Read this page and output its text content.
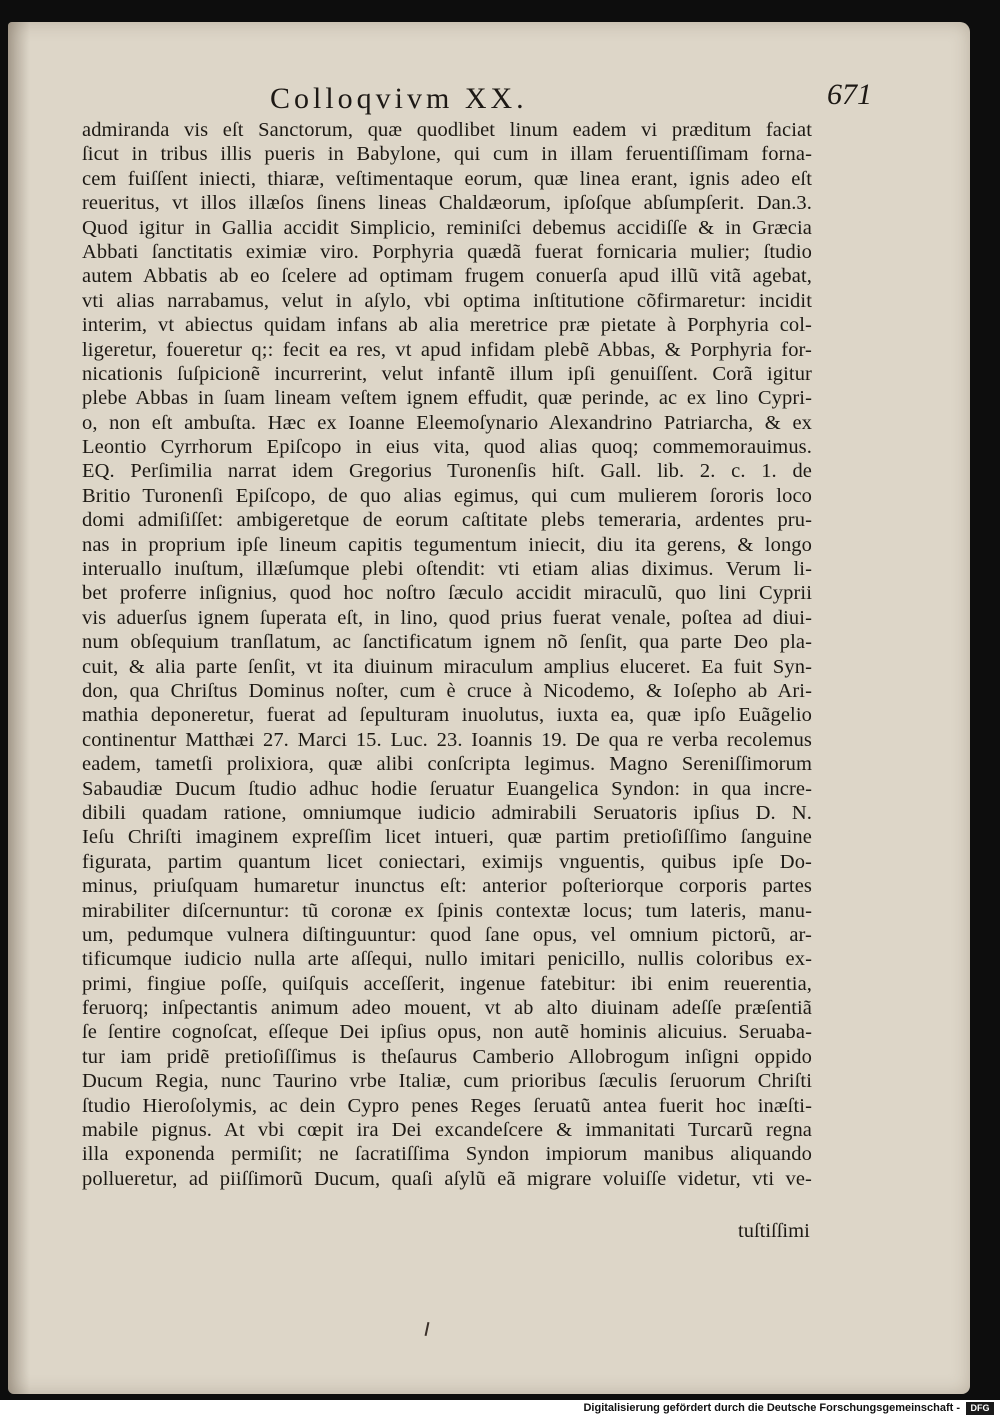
Colloqvivm XX.	671
admiranda vis eſt Sanctorum, quæ quodlibet linum eadem vi præditum faciat
ſicut in tribus illis pueris in Babylone, qui cum in illam feruentiſſimam forna-
cem fuiſſent iniecti, thiaræ, veſtimentaque eorum, quæ linea erant, ignis adeo eſt
reueritus, vt illos illæſos ſinens lineas Chaldæorum, ipſoſque abſumpſerit. Dan.3.
Quod igitur in Gallia accidit Simplicio, reminiſci debemus accidiſſe & in Græcia
Abbati ſanctitatis eximiæ viro. Porphyria quædã fuerat fornicaria mulier; ſtudio
autem Abbatis ab eo ſcelere ad optimam frugem conuerſa apud illũ vitã agebat,
vti alias narrabamus, velut in aſylo, vbi optima inſtitutione cõfirmaretur: incidit
interim, vt abiectus quidam infans ab alia meretrice præ pietate à Porphyria col-
ligeretur, foueretur q;: fecit ea res, vt apud infidam plebẽ Abbas, & Porphyria for-
nicationis ſuſpicionẽ incurrerint, velut infantẽ illum ipſi genuiſſent. Corã igitur
plebe Abbas in ſuam lineam veſtem ignem effudit, quæ perinde, ac ex lino Cypri-
o, non eſt ambuſta. Hæc ex Ioanne Eleemoſynario Alexandrino Patriarcha, & ex
Leontio Cyrrhorum Epiſcopo in eius vita, quod alias quoq; commemorauimus.
EQ. Perſimilia narrat idem Gregorius Turonenſis hiſt. Gall. lib. 2. c. 1. de
Britio Turonenſi Epiſcopo, de quo alias egimus, qui cum mulierem ſororis loco
domi admiſiſſet: ambigeretque de eorum caſtitate plebs temeraria, ardentes pru-
nas in proprium ipſe lineum capitis tegumentum iniecit, diu ita gerens, & longo
interuallo inuſtum, illæſumque plebi oſtendit: vti etiam alias diximus. Verum li-
bet proferre inſignius, quod hoc noſtro ſæculo accidit miraculũ, quo lini Cyprii
vis aduerſus ignem ſuperata eſt, in lino, quod prius fuerat venale, poſtea ad diui-
num obſequium tranſlatum, ac ſanctificatum ignem nõ ſenſit, qua parte Deo pla-
cuit, & alia parte ſenſit, vt ita diuinum miraculum amplius eluceret. Ea fuit Syn-
don, qua Chriſtus Dominus noſter, cum è cruce à Nicodemo, & Ioſepho ab Ari-
mathia deponeretur, fuerat ad ſepulturam inuolutus, iuxta ea, quæ ipſo Euãgelio
continentur Matthæi 27. Marci 15. Luc. 23. Ioannis 19. De qua re verba recolemus
eadem, tametſi prolixiora, quæ alibi conſcripta legimus. Magno Sereniſſimorum
Sabaudiæ Ducum ſtudio adhuc hodie ſeruatur Euangelica Syndon: in qua incre-
dibili quadam ratione, omniumque iudicio admirabili Seruatoris ipſius D. N.
Ieſu Chriſti imaginem expreſſim licet intueri, quæ partim pretioſiſſimo ſanguine
figurata, partim quantum licet coniectari, eximijs vnguentis, quibus ipſe Do-
minus, priuſquam humaretur inunctus eſt: anterior poſteriorque corporis partes
mirabiliter diſcernuntur: tũ coronæ ex ſpinis contextæ locus; tum lateris, manu-
um, pedumque vulnera diſtinguuntur: quod ſane opus, vel omnium pictorũ, ar-
tificumque iudicio nulla arte aſſequi, nullo imitari penicillo, nullis coloribus ex-
primi, fingiue poſſe, quiſquis acceſſerit, ingenue fatebitur: ibi enim reuerentia,
feruorq; inſpectantis animum adeo mouent, vt ab alto diuinam adeſſe præſentiã
ſe ſentire cognoſcat, eſſeque Dei ipſius opus, non autẽ hominis alicuius. Seruaba-
tur iam pridẽ pretioſiſſimus is theſaurus Camberio Allobrogum inſigni oppido
Ducum Regia, nunc Taurino vrbe Italiæ, cum prioribus ſæculis ſeruorum Chriſti
ſtudio Hieroſolymis, ac dein Cypro penes Reges ſeruatũ antea fuerit hoc inæſti-
mabile pignus. At vbi cœpit ira Dei excandeſcere & immanitati Turcarũ regna
illa exponenda permiſit; ne ſacratiſſima Syndon impiorum manibus aliquando
pollueretur, ad piiſſimorũ Ducum, quaſi aſylũ eã migrare voluiſſe videtur, vti ve-
tuſtiſſimi
Digitalisierung gefördert durch die Deutsche Forschungsgemeinschaft -	DFG
